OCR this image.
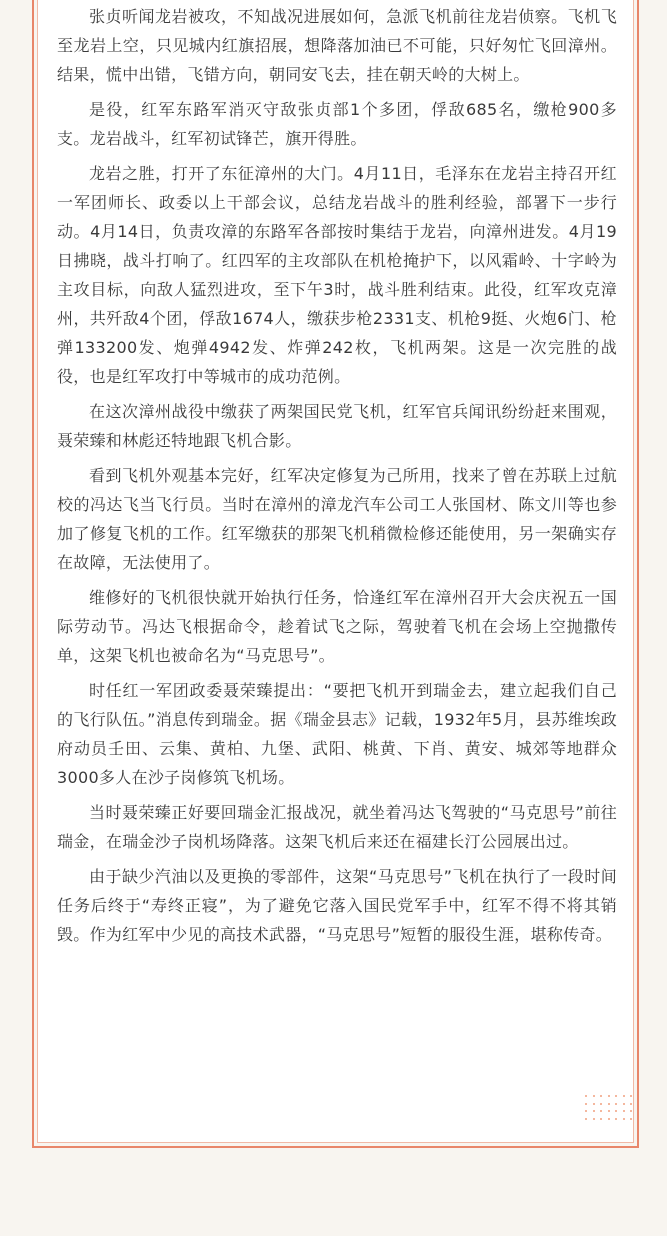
张贞听闻龙岩被攻，不知战况进展如何，急派飞机前往龙岩侦察。飞机飞至龙岩上空，只见城内红旗招展，想降落加油已不可能，只好匆忙飞回漳州。结果，慌中出错，飞错方向，朝同安飞去，挂在朝天岭的大树上。

是役，红军东路军消灭守敌张贞部1个多团，俘敌685名，缴枪900多支。龙岩战斗，红军初试锋芒，旗开得胜。

龙岩之胜，打开了东征漳州的大门。4月11日，毛泽东在龙岩主持召开红一军团师长、政委以上干部会议，总结龙岩战斗的胜利经验，部署下一步行动。4月14日，负责攻漳的东路军各部按时集结于龙岩，向漳州进发。4月19日拂晓，战斗打响了。红四军的主攻部队在机枪掩护下，以风霜岭、十字岭为主攻目标，向敌人猛烈进攻，至下午3时，战斗胜利结束。此役，红军攻克漳州，共歼敌4个团，俘敌1674人，缴获步枪2331支、机枪9挺、火炮6门、枪弹133200发、炮弹4942发、炸弹242枚，飞机两架。这是一次完胜的战役，也是红军攻打中等城市的成功范例。

在这次漳州战役中缴获了两架国民党飞机，红军官兵闻讯纷纷赶来围观，聂荣臻和林彪还特地跟飞机合影。

看到飞机外观基本完好，红军决定修复为己所用，找来了曾在苏联上过航校的冯达飞当飞行员。当时在漳州的漳龙汽车公司工人张国材、陈文川等也参加了修复飞机的工作。红军缴获的那架飞机稍微检修还能使用，另一架确实存在故障，无法使用了。

维修好的飞机很快就开始执行任务，恰逢红军在漳州召开大会庆祝五一国际劳动节。冯达飞根据命令，趁着试飞之际，驾驶着飞机在会场上空抛撒传单，这架飞机也被命名为“马克思号”。

时任红一军团政委聂荣臻提出：“要把飞机开到瑞金去，建立起我们自己的飞行队伍。”消息传到瑞金。据《瑞金县志》记载，1932年5月，县苏维埃政府动员壬田、云集、黄柏、九堡、武阳、桃黄、下肖、黄安、城郊等地群众3000多人在沙子岗修筑飞机场。

当时聂荣臻正好要回瑞金汇报战况，就坐着冯达飞驾驶的“马克思号”前往瑞金，在瑞金沙子岗机场降落。这架飞机后来还在福建长汀公园展出过。

由于缺少汽油以及更换的零部件，这架“马克思号”飞机在执行了一段时间任务后终于“寿终正寝”，为了避免它落入国民党军手中，红军不得不将其销毁。作为红军中少见的高技术武器，“马克思号”短暂的服役生涯，堪称传奇。
